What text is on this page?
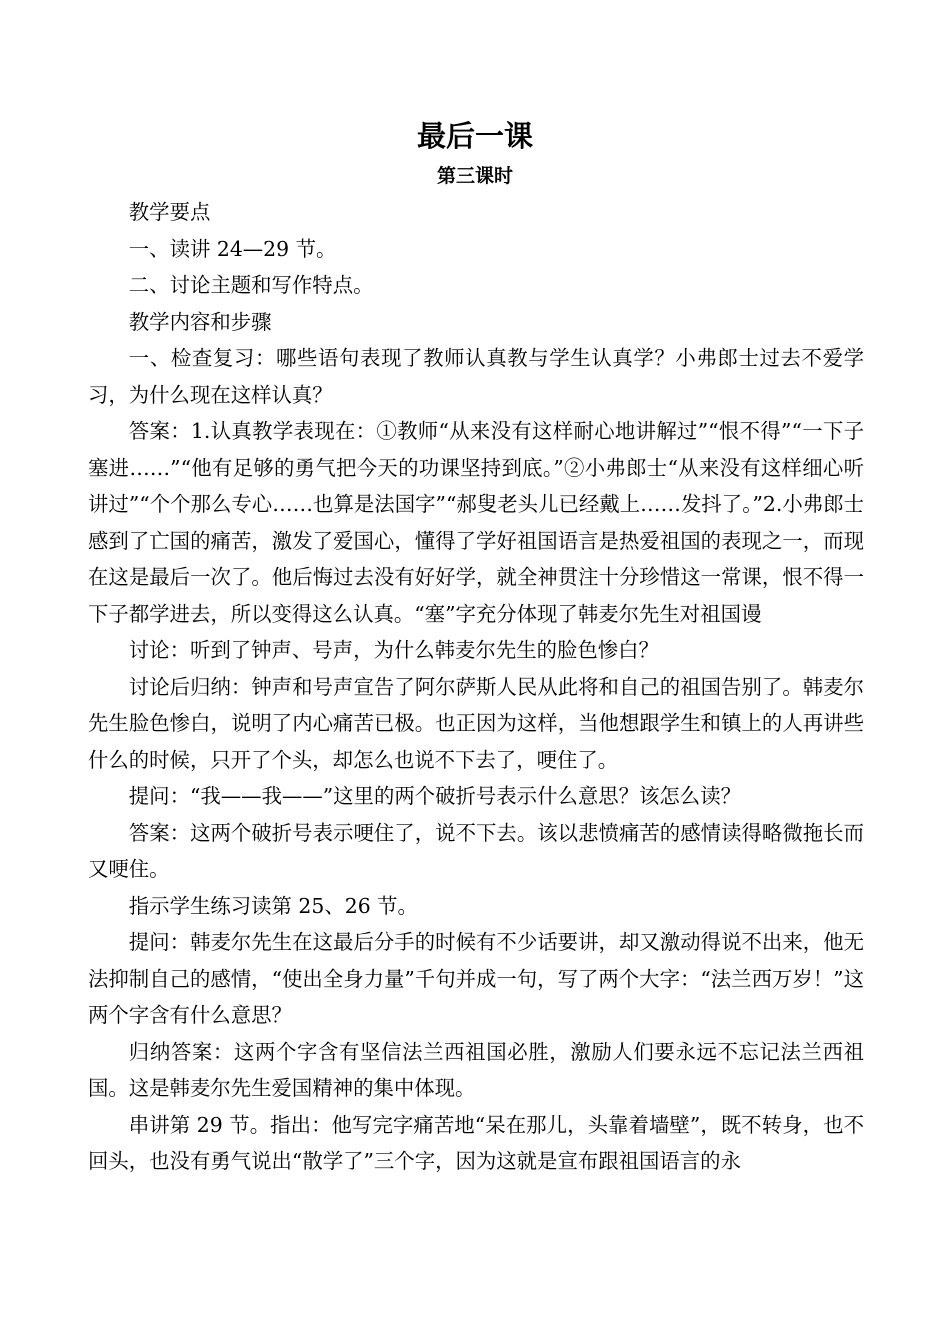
最后一课
第三课时

教学要点

一、读讲 24—29 节。

二、讨论主题和写作特点。

教学内容和步骤

一、检查复习：哪些语句表现了教师认真教与学生认真学？小弗郎士过去不爱学习，为什么现在这样认真？

答案：1.认真教学表现在：①教师“从来没有这样耐心地讲解过”“恨不得”“一下子塞进……”“他有足够的勇气把今天的功课坚持到底。”②小弗郎士“从来没有这样细心听讲过”“个个那么专心……也算是法国字”“郝叟老头儿已经戴上……发抖了。”2.小弗郎士感到了亡国的痛苦，激发了爱国心，懂得了学好祖国语言是热爱祖国的表现之一，而现在这是最后一次了。他后悔过去没有好好学，就全神贯注十分珍惜这一常课，恨不得一下子都学进去，所以变得这么认真。“塞”字充分体现了韩麦尔先生对祖国谩

讨论：听到了钟声、号声，为什么韩麦尔先生的脸色惨白？

讨论后归纳：钟声和号声宣告了阿尔萨斯人民从此将和自己的祖国告别了。韩麦尔先生脸色惨白，说明了内心痛苦已极。也正因为这样，当他想跟学生和镇上的人再讲些什么的时候，只开了个头，却怎么也说不下去了，哽住了。

提问：“我——我——”这里的两个破折号表示什么意思？该怎么读？

答案：这两个破折号表示哽住了，说不下去。该以悲愤痛苦的感情读得略微拖长而又哽住。

指示学生练习读第 25、26 节。

提问：韩麦尔先生在这最后分手的时候有不少话要讲，却又激动得说不出来，他无法抑制自己的感情，“使出全身力量”千句并成一句，写了两个大字：“法兰西万岁！”这两个字含有什么意思？

归纳答案：这两个字含有坚信法兰西祖国必胜，激励人们要永远不忘记法兰西祖国。这是韩麦尔先生爱国精神的集中体现。

串讲第 29 节。指出：他写完字痛苦地“呆在那儿，头靠着墙壁”，既不转身，也不回头，也没有勇气说出“散学了”三个字，因为这就是宣布跟祖国语言的永
